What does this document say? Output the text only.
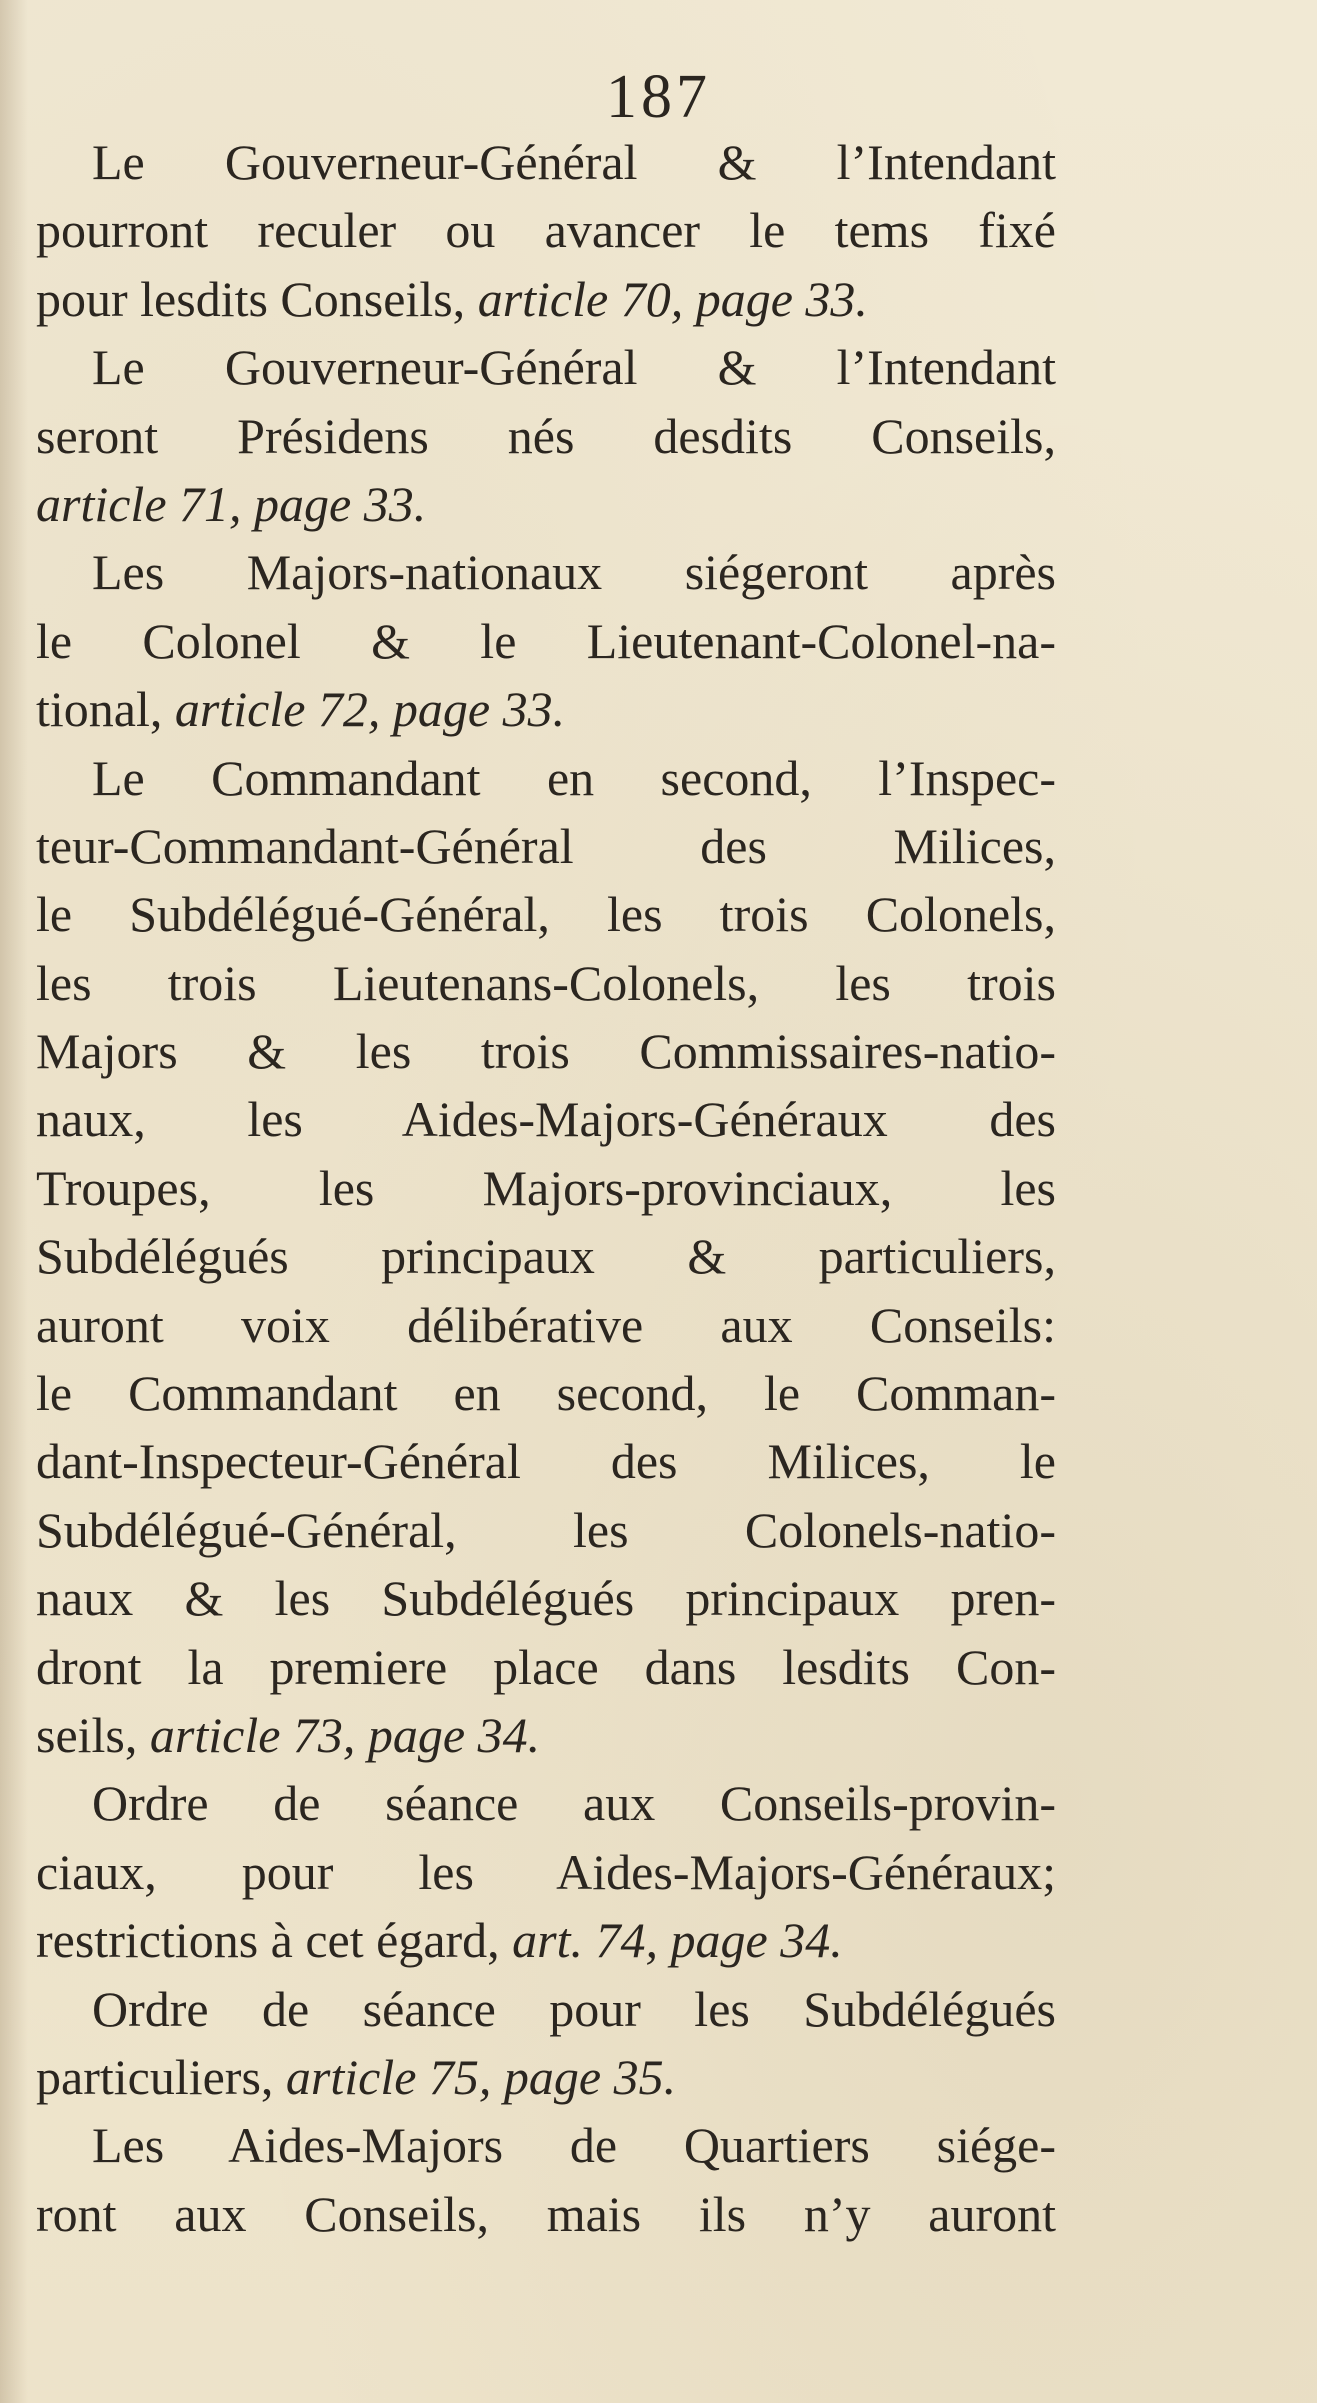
187
Le Gouverneur-Général & l’Intendant
pourront reculer ou avancer le tems fixé
pour lesdits Conseils, article 70, page 33.
Le Gouverneur-Général & l’Intendant
seront Présidens nés desdits Conseils,
article 71, page 33.
Les Majors-nationaux siégeront après
le Colonel & le Lieutenant-Colonel-na-
tional, article 72, page 33.
Le Commandant en second, l’Inspec-
teur-Commandant-Général des Milices,
le Subdélégué-Général, les trois Colonels,
les trois Lieutenans-Colonels, les trois
Majors & les trois Commissaires-natio-
naux, les Aides-Majors-Généraux des
Troupes, les Majors-provinciaux, les
Subdélégués principaux & particuliers,
auront voix délibérative aux Conseils:
le Commandant en second, le Comman-
dant-Inspecteur-Général des Milices, le
Subdélégué-Général, les Colonels-natio-
naux & les Subdélégués principaux pren-
dront la premiere place dans lesdits Con-
seils, article 73, page 34.
Ordre de séance aux Conseils-provin-
ciaux, pour les Aides-Majors-Généraux;
restrictions à cet égard, art. 74, page 34.
Ordre de séance pour les Subdélégués
particuliers, article 75, page 35.
Les Aides-Majors de Quartiers siége-
ront aux Conseils, mais ils n’y auront
